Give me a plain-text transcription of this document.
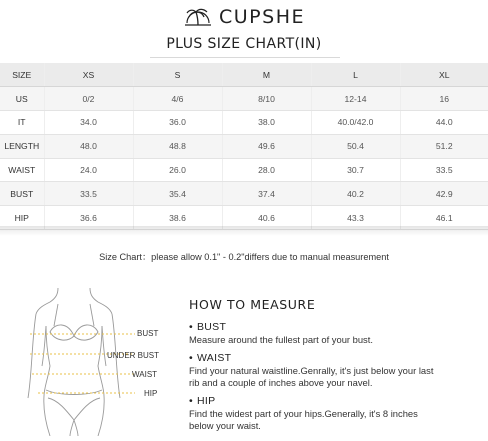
CUPSHE
PLUS SIZE CHART(IN)
SIZE	XS	S	M	L	XL
US	0/2	4/6	8/10	12-14	16
IT	34.0	36.0	38.0	40.0/42.0	44.0
LENGTH	48.0	48.8	49.6	50.4	51.2
WAIST	24.0	26.0	28.0	30.7	33.5
BUST	33.5	35.4	37.4	40.2	42.9
HIP	36.6	38.6	40.6	43.3	46.1
Size Chart：please allow 0.1" - 0.2"differs due to manual measurement
BUST
UNDER BUST
WAIST
HIP
HOW TO MEASURE
• BUST
Measure around the fullest part of your bust.
• WAIST
Find your natural waistline.Genrally, it's just below your last
rib and a couple of inches above your navel.
• HIP
Find the widest part of your hips.Generally, it's 8 inches
below your waist.
